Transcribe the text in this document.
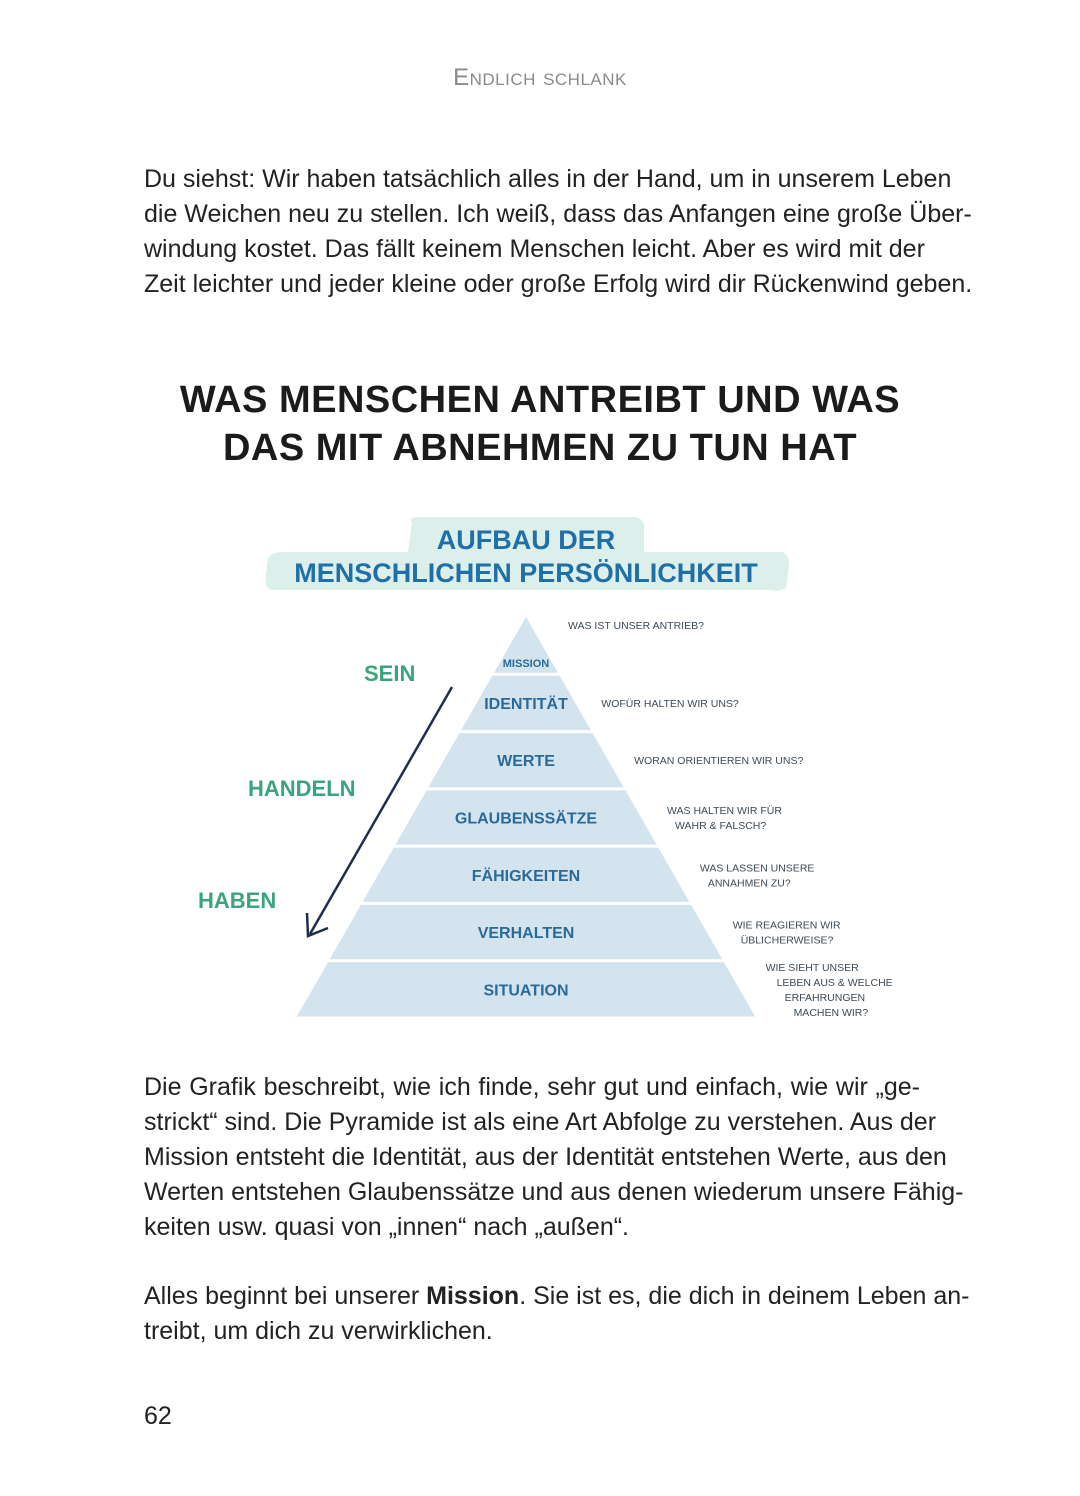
Endlich schlank
Du siehst: Wir haben tatsächlich alles in der Hand, um in unserem Leben
die Weichen neu zu stellen. Ich weiß, dass das Anfangen eine große Über-
windung kostet. Das fällt keinem Menschen leicht. Aber es wird mit der
Zeit leichter und jeder kleine oder große Erfolg wird dir Rückenwind geben.
WAS MENSCHEN ANTREIBT UND WAS
DAS MIT ABNEHMEN ZU TUN HAT
AUFBAU DER
MENSCHLICHEN PERSÖNLICHKEIT
MISSION
IDENTITÄT
WERTE
GLAUBENSSÄTZE
FÄHIGKEITEN
VERHALTEN
SITUATION
SEIN
HANDELN
HABEN
WAS IST UNSER ANTRIEB?
WOFÜR HALTEN WIR UNS?
WORAN ORIENTIEREN WIR UNS?
WAS HALTEN WIR FÜR
WAHR & FALSCH?
WAS LASSEN UNSERE
ANNAHMEN ZU?
WIE REAGIEREN WIR
ÜBLICHERWEISE?
WIE SIEHT UNSER
LEBEN AUS & WELCHE
ERFAHRUNGEN
MACHEN WIR?
Die Grafik beschreibt, wie ich finde, sehr gut und einfach, wie wir „ge-
strickt“ sind. Die Pyramide ist als eine Art Abfolge zu verstehen. Aus der
Mission entsteht die Identität, aus der Identität entstehen Werte, aus den
Werten entstehen Glaubenssätze und aus denen wiederum unsere Fähig-
keiten usw. quasi von „innen“ nach „außen“.
Alles beginnt bei unserer Mission. Sie ist es, die dich in deinem Leben an-
treibt, um dich zu verwirklichen.
62
